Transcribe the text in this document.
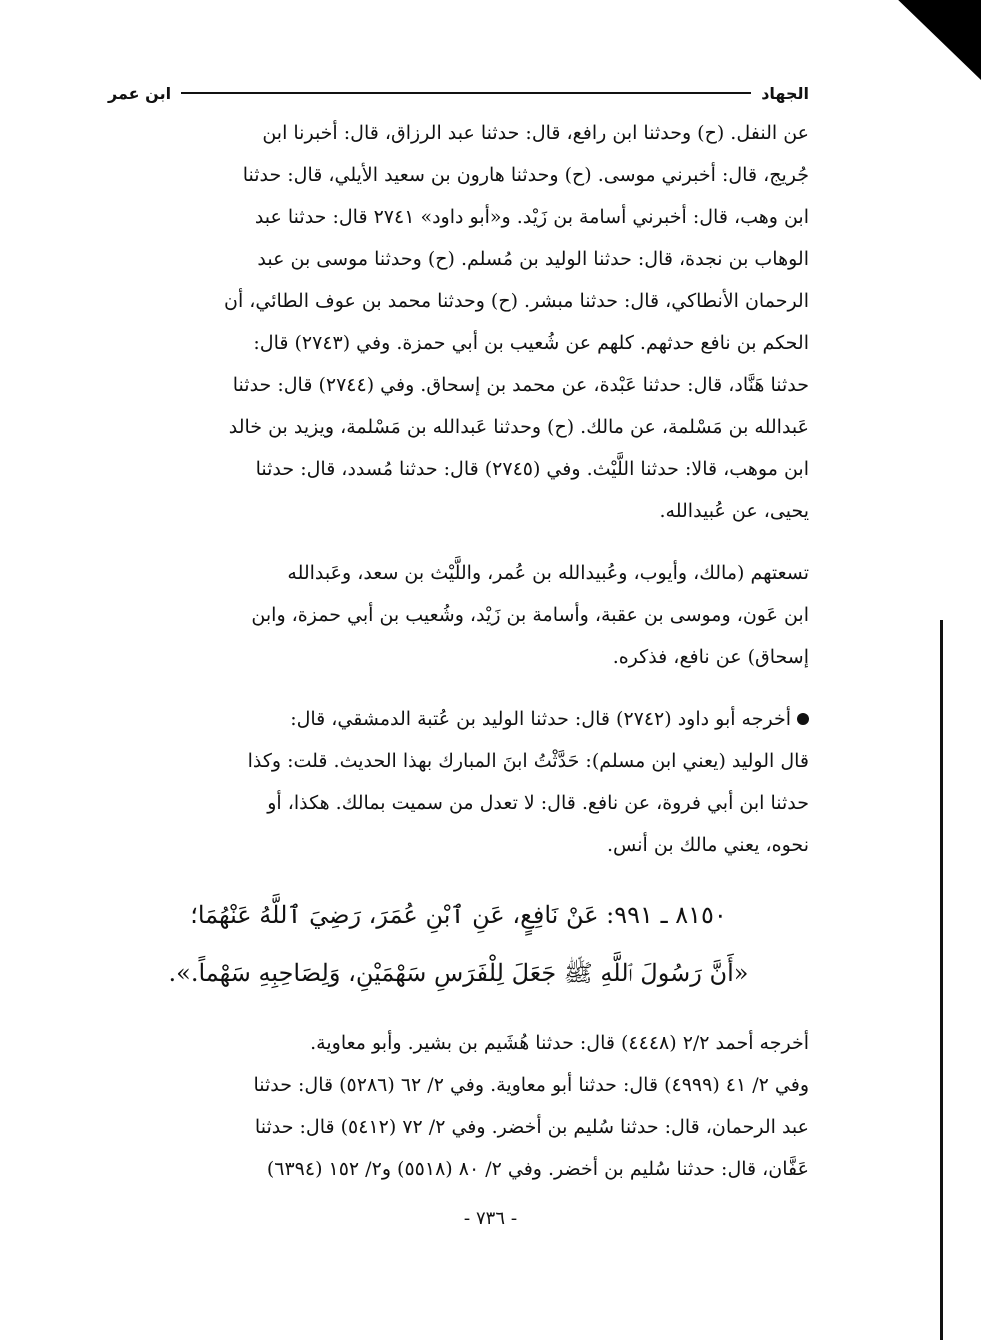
الجهاد
ابن عمر

عن النفل. (ح) وحدثنا ابن رافع، قال: حدثنا عبد الرزاق، قال: أخبرنا ابن

جُريج، قال: أخبرني موسى. (ح) وحدثنا هارون بن سعيد الأيلي، قال: حدثنا

ابن وهب، قال: أخبرني أسامة بن زَيْد. و«أبو داود» ٢٧٤١ قال: حدثنا عبد

الوهاب بن نجدة، قال: حدثنا الوليد بن مُسلم. (ح) وحدثنا موسى بن عبد

الرحمان الأنطاكي، قال: حدثنا مبشر. (ح) وحدثنا محمد بن عوف الطائي، أن

الحكم بن نافع حدثهم. كلهم عن شُعيب بن أبي حمزة. وفي (٢٧٤٣) قال:

حدثنا هَنَّاد، قال: حدثنا عَبْدة، عن محمد بن إسحاق. وفي (٢٧٤٤) قال: حدثنا

عَبدالله بن مَسْلمة، عن مالك. (ح) وحدثنا عَبدالله بن مَسْلمة، ويزيد بن خالد

ابن موهب، قالا: حدثنا اللَّيْث. وفي (٢٧٤٥) قال: حدثنا مُسدد، قال: حدثنا

يحيى، عن عُبيدالله.

تسعتهم (مالك، وأيوب، وعُبيدالله بن عُمر، واللَّيْث بن سعد، وعَبدالله

ابن عَون، وموسى بن عقبة، وأسامة بن زَيْد، وشُعيب بن أبي حمزة، وابن

إسحاق) عن نافع، فذكره.

أخرجه أبو داود (٢٧٤٢) قال: حدثنا الوليد بن عُتبة الدمشقي، قال:

قال الوليد (يعني ابن مسلم): حَدَّثْتُ ابنَ المبارك بهذا الحديث. قلت: وكذا

حدثنا ابن أبي فروة، عن نافع. قال: لا تعدل من سميت بمالك. هكذا، أو

نحوه، يعني مالك بن أنس.

٨١٥٠ ـ ٩٩١: عَنْ نَافِعٍ، عَنِ ٱبْنِ عُمَرَ، رَضِيَ ٱللَّهُ عَنْهُمَا؛

«أَنَّ رَسُولَ ٱللَّهِ ﷺ جَعَلَ لِلْفَرَسِ سَهْمَيْنِ، وَلِصَاحِبِهِ سَهْماً.».

أخرجه أحمد ٢/٢ (٤٤٤٨) قال: حدثنا هُشَيم بن بشير. وأبو معاوية.

وفي ٢/ ٤١ (٤٩٩٩) قال: حدثنا أبو معاوية. وفي ٢/ ٦٢ (٥٢٨٦) قال: حدثنا

عبد الرحمان، قال: حدثنا سُليم بن أخضر. وفي ٢/ ٧٢ (٥٤١٢) قال: حدثنا

عَفَّان، قال: حدثنا سُليم بن أخضر. وفي ٢/ ٨٠ (٥٥١٨) و٢/ ١٥٢ (٦٣٩٤)

- ٧٣٦ -
